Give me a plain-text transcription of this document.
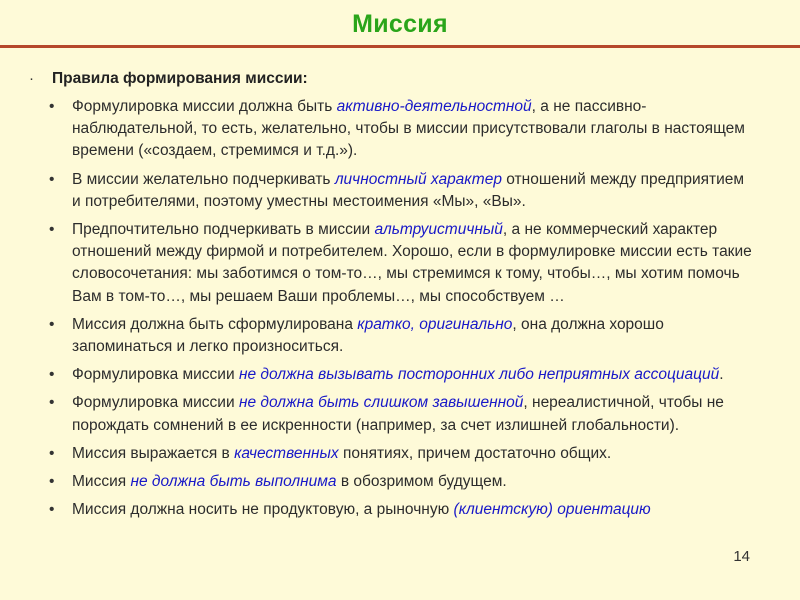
Миссия
· Правила формирования миссии:
• Формулировка миссии должна быть активно-деятельностной, а не пассивно-наблюдательной, то есть, желательно, чтобы в миссии присутствовали глаголы в настоящем времени («создаем, стремимся и т.д.»).
• В миссии желательно подчеркивать личностный характер отношений между предприятием и потребителями, поэтому уместны местоимения «Мы», «Вы».
• Предпочтительно подчеркивать в миссии альтруистичный, а не коммерческий характер отношений между фирмой и потребителем. Хорошо, если в формулировке миссии есть такие словосочетания: мы заботимся о том-то…, мы стремимся к тому, чтобы…, мы хотим помочь Вам в том-то…, мы решаем Ваши проблемы…, мы способствуем …
• Миссия должна быть сформулирована кратко, оригинально, она должна хорошо запоминаться и легко произноситься.
• Формулировка миссии не должна вызывать посторонних либо неприятных ассоциаций.
• Формулировка миссии не должна быть слишком завышенной, нереалистичной, чтобы не порождать сомнений в ее искренности (например, за счет излишней глобальности).
• Миссия выражается в качественных понятиях, причем достаточно общих.
• Миссия не должна быть выполнима в обозримом будущем.
• Миссия должна носить не продуктовую, а рыночную (клиентскую) ориентацию
14
